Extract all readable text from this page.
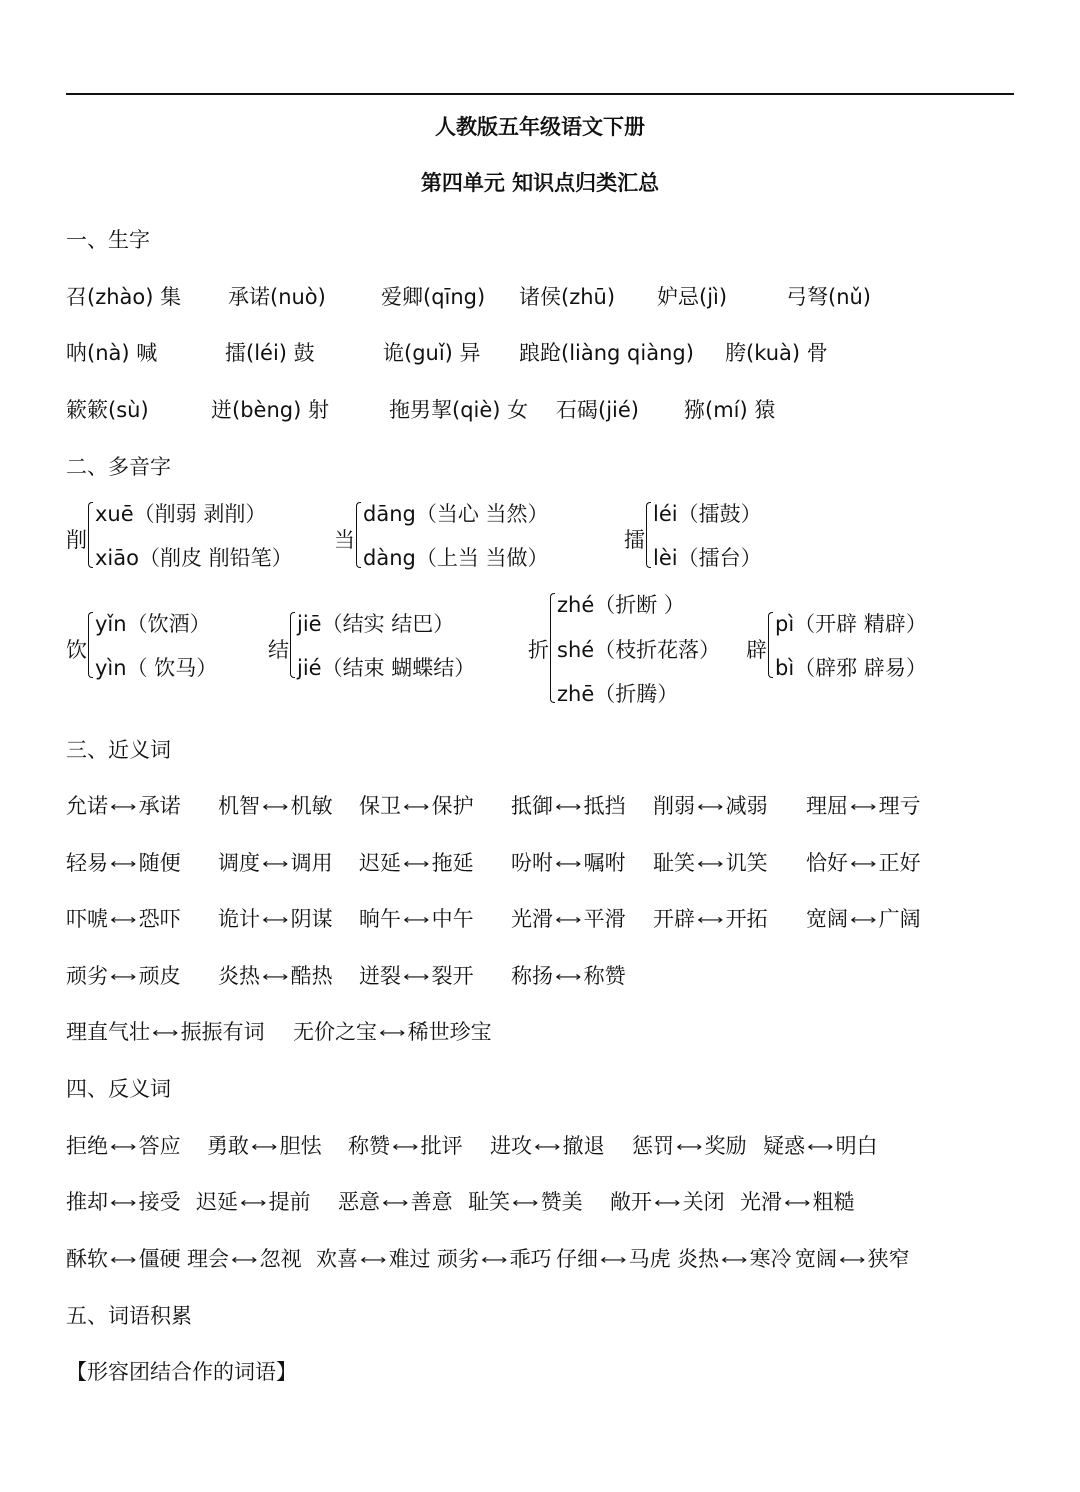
人教版五年级语文下册
第四单元 知识点归类汇总
一、生字
召(zhào) 集 承诺(nuò)	爱卿(qīng) 诸侯(zhū) 妒忌(jì)	弓弩(nǔ)
呐(nà) 喊	擂(léi) 鼓	诡(guǐ) 异 踉跄(liàng qiàng) 胯(kuà) 骨
簌簌(sù)	迸(bèng) 射	拖男挈(qiè) 女 石碣(jié) 猕(mí) 猿
二、多音字
削
xuē（削弱 剥削）
xiāo（削皮 削铅笔）
当
dāng（当心 当然）
dàng（上当 当做）
擂
léi（擂鼓）
lèi（擂台）
饮
yǐn（饮酒）
yìn（ 饮马）
结
jiē（结实 结巴）
jié（结束 蝴蝶结）
折
zhé（折断 ）
shé（枝折花落）
zhē（折腾）
辟
pì（开辟 精辟）
bì（辟邪 辟易）
三、近义词
允诺 ⟷ 承诺 机智 ⟷ 机敏 保卫 ⟷ 保护 抵御 ⟷ 抵挡 削弱 ⟷ 减弱 理屈 ⟷ 理亏
轻易 ⟷ 随便 调度 ⟷ 调用 迟延 ⟷ 拖延 吩咐 ⟷ 嘱咐 耻笑 ⟷ 讥笑 恰好 ⟷ 正好
吓唬 ⟷ 恐吓 诡计 ⟷ 阴谋 晌午 ⟷ 中午 光滑 ⟷ 平滑 开辟 ⟷ 开拓 宽阔 ⟷ 广阔
顽劣 ⟷ 顽皮 炎热 ⟷ 酷热 迸裂 ⟷ 裂开 称扬 ⟷ 称赞
理直气壮 ⟷ 振振有词 无价之宝 ⟷ 稀世珍宝
四、反义词
拒绝 ⟷ 答应 勇敢 ⟷ 胆怯 称赞 ⟷ 批评 进攻 ⟷ 撤退 惩罚 ⟷ 奖励 疑惑 ⟷ 明白
推却 ⟷ 接受 迟延 ⟷ 提前 恶意 ⟷ 善意 耻笑 ⟷ 赞美 敞开 ⟷ 关闭 光滑 ⟷ 粗糙
酥软 ⟷ 僵硬 理会 ⟷ 忽视 欢喜 ⟷ 难过 顽劣 ⟷ 乖巧 仔细 ⟷ 马虎 炎热 ⟷ 寒冷 宽阔 ⟷ 狭窄
五、词语积累
【形容团结合作的词语】
